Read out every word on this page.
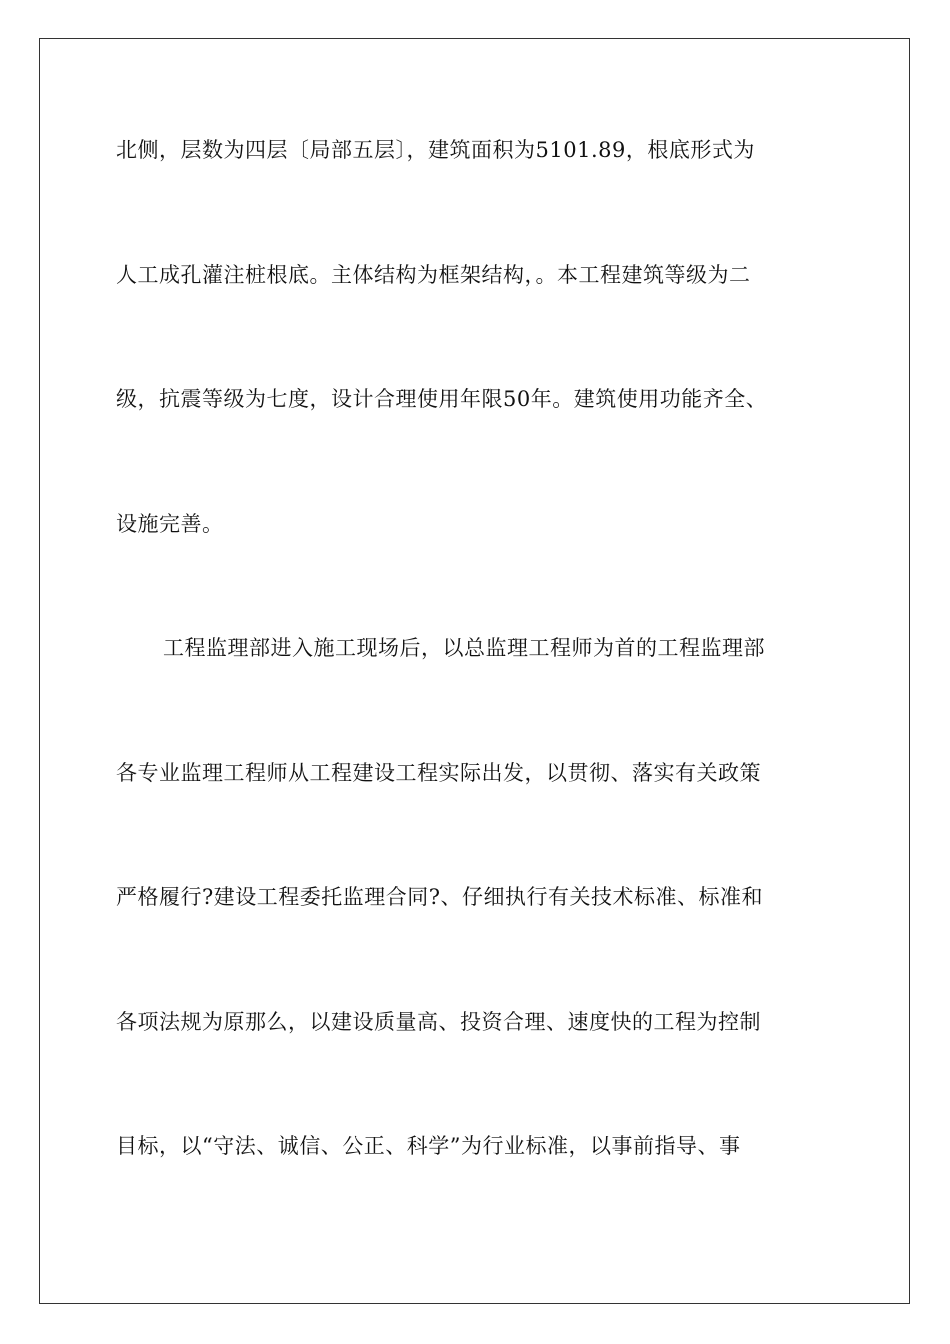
北侧，层数为四层〔局部五层〕，建筑面积为5101.89，根底形式为
人工成孔灌注桩根底。主体结构为框架结构，。本工程建筑等级为二
级，抗震等级为七度，设计合理使用年限50年。建筑使用功能齐全、
设施完善。
工程监理部进入施工现场后，以总监理工程师为首的工程监理部
各专业监理工程师从工程建设工程实际出发，以贯彻、落实有关政策
严格履行?建设工程委托监理合同?、仔细执行有关技术标准、标准和
各项法规为原那么，以建设质量高、投资合理、速度快的工程为控制
目标，以“守法、诚信、公正、科学”为行业标准，以事前指导、事
